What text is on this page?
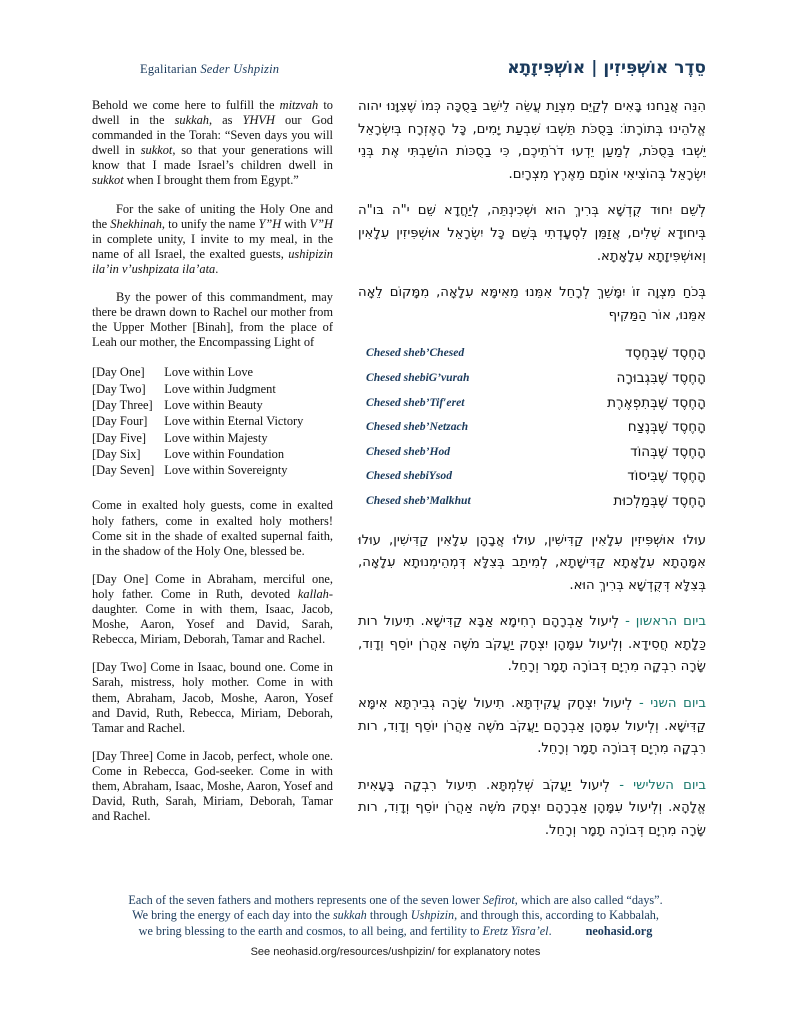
Egalitarian Seder Ushpizin	סֵדֶר אוֹשְׁפִּיזִין | אוֹשְׁפִּיזָתָא

Behold we come here to fulfill the mitzvah to dwell in the sukkah, as YHVH our God commanded in the Torah: “Seven days you will dwell in sukkot, so that your generations will know that I made Israel’s children dwell in sukkot when I brought them from Egypt.”

For the sake of uniting the Holy One and the Shekhinah, to unify the name Y”H with V”H in complete unity, I invite to my meal, in the name of all Israel, the exalted guests, ushipizin ila’in v’ushpizata ila’ata.

By the power of this commandment, may there be drawn down to Rachel our mother from the Upper Mother [Binah], from the place of Leah our mother, the Encompassing Light of

[Day One]	Love within Love
[Day Two]	Love within Judgment
[Day Three]	Love within Beauty
[Day Four]	Love within Eternal Victory
[Day Five]	Love within Majesty
[Day Six]	Love within Foundation
[Day Seven]	Love within Sovereignty

Come in exalted holy guests, come in exalted holy fathers, come in exalted holy mothers! Come sit in the shade of exalted supernal faith, in the shadow of the Holy One, blessed be.

[Day One] Come in Abraham, merciful one, holy father. Come in Ruth, devoted kallah-daughter. Come in with them, Isaac, Jacob, Moshe, Aaron, Yosef and David, Sarah, Rebecca, Miriam, Deborah, Tamar and Rachel.

[Day Two] Come in Isaac, bound one. Come in Sarah, mistress, holy mother. Come in with them, Abraham, Jacob, Moshe, Aaron, Yosef and David, Ruth, Rebecca, Miriam, Deborah, Tamar and Rachel.

[Day Three] Come in Jacob, perfect, whole one. Come in Rebecca, God-seeker. Come in with them, Abraham, Isaac, Moshe, Aaron, Yosef and David, Ruth, Sarah, Miriam, Deborah, Tamar and Rachel.

הִנֵּה אֲנַחנוּ בָּאִים לְקַיֵּם מִצְוַת עֲשֵׂה לֵישֵׁב בַּסֻכָּה כְּמוֹ שֶׁצִוָּנוּ יהוה אֱלֹהֵינוּ בְּתוֹרָתוֹ׃ בַּסֻכֹּת תֵּשְׁבוּ שִׁבְעַת יָמִים, כָּל הָאֶזְרָח בְּיִשְׂרָאֵל יֵשְׁבוּ בַּסֻכֹּת, לְמַעַן יֵדְעוּ דֹרֹתֵיכֶם, כִּי בַסֻכּוֹת הוֹשַׁבְתִּי אֶת בְּנֵי יִשְׂרָאֵל בְּהוֹצִיאִי אוֹתָם מֵאֶרֶץ מִצְרָיִם.

לְשֵׁם יִחוּד קֻדְשָׁא בְּרִיךְ הוּא וּשְׁכִינְתֵּה, לְיַחֲדָא שֵׁם י"ה בּו"ה בְּיחוּדָא שְׁלִים, אֲזַמֵּן לִסְעָדְתִי בְּשֵׁם כָּל יִשְׂרָאֵל אוּשְׁפִּיזִין עִלָאִין וְאוּשְׁפִּיזָתָא עִלָאָתָא.

בְּכֹחַ מִצְוָה זוֹ יִמָּשֵׁךְ לְרָחֵל אִמֵּנוּ מֵאִימָּא עִלָאָה, מִמָּקוֹם לֵאָה אִמֵּנוּ, אוֹר הַמַּקִיף

הָחֶסֶד שֶׁבְּחֶסֶד	Chesed sheb’Chesed
הָחֶסֶד שֶׁבִּגְבוּרָה	Chesed shebiG’vurah
הָחֶסֶד שֶׁבְּתִפְאֶרֶת	Chesed sheb’Tif′eret
הָחֶסֶד שֶׁבְּנֶצַח	Chesed sheb’Netzach
הָחֶסֶד שֶׁבְּהוֹד	Chesed sheb’Hod
הָחֶסֶד שֶׁבִּיסוֹד	Chesed shebiYsod
הָחֶסֶד שֶׁבְּמַלְכוּת	Chesed sheb’Malkhut

עוּלוּ אוּשְׁפִּיזִין עִלָאִין קַדִּישִׁין, עוּלוּ אֲבָהָן עִלָאִין קַדִּישִׁין, עוּלוּ אִמָּהָתָא עִלָאָתָא קַדִּישָׁתָא, לְמִיתַב בְּצִלָּא דְּמְהֵימְנוּתָא עִלָאָה, בְּצִלָּא דְּקֻדְשָׁא בְּרִיךְ הוּא.

ביום הראשון - לְיעול אַבְרָהָם רְחִימָא אַבָּא קַדִּישָׁא. תִיעול רות כַּלָתָא חֲסִידָא. וְלְיעול עִמָּהָן יִצְחָק יַעֲקֹב מֹשֶׁה אַהֲרֹן יוֹסֵף וְדָוִד, שָׂרָה רִבְקָה מִרְיָם דְּבוֹרָה תָמָר וְרָחֵל.

ביום השני - לְיעול יִצְחָק עֲקִידְתָּא. תִיעול שָׂרָה גְבִירְתָּא אִימָּא קַדִּישָׁא. וְלְיעול עִמָּהָן אַבְרָהָם יַעֲקֹב מֹשֶׁה אַהֲרֹן יוֹסֵף וְדָוִד, רות רִבְקָה מִרְיָם דְּבוֹרָה תָמָר וְרָחֵל.

ביום השלישי - לְיעול יַעֲקֹב שְׁלִמְתָּא. תִיעול רִבְקָה בָּעָאִית אֱלָהָא. וְלְיעול עִמָּהָן אַבְרָהָם יִצְחָק מֹשֶׁה אַהֲרֹן יוֹסֵף וְדָוִד, רות שָׂרָה מִרְיָם דְּבוֹרָה תָמָר וְרָחֵל.

Each of the seven fathers and mothers represents one of the seven lower Sefirot, which are also called “days”.
We bring the energy of each day into the sukkah through Ushpizin, and through this, according to Kabbalah,
we bring blessing to the earth and cosmos, to all being, and fertility to Eretz Yisra’el.	neohasid.org
See neohasid.org/resources/ushpizin/ for explanatory notes
